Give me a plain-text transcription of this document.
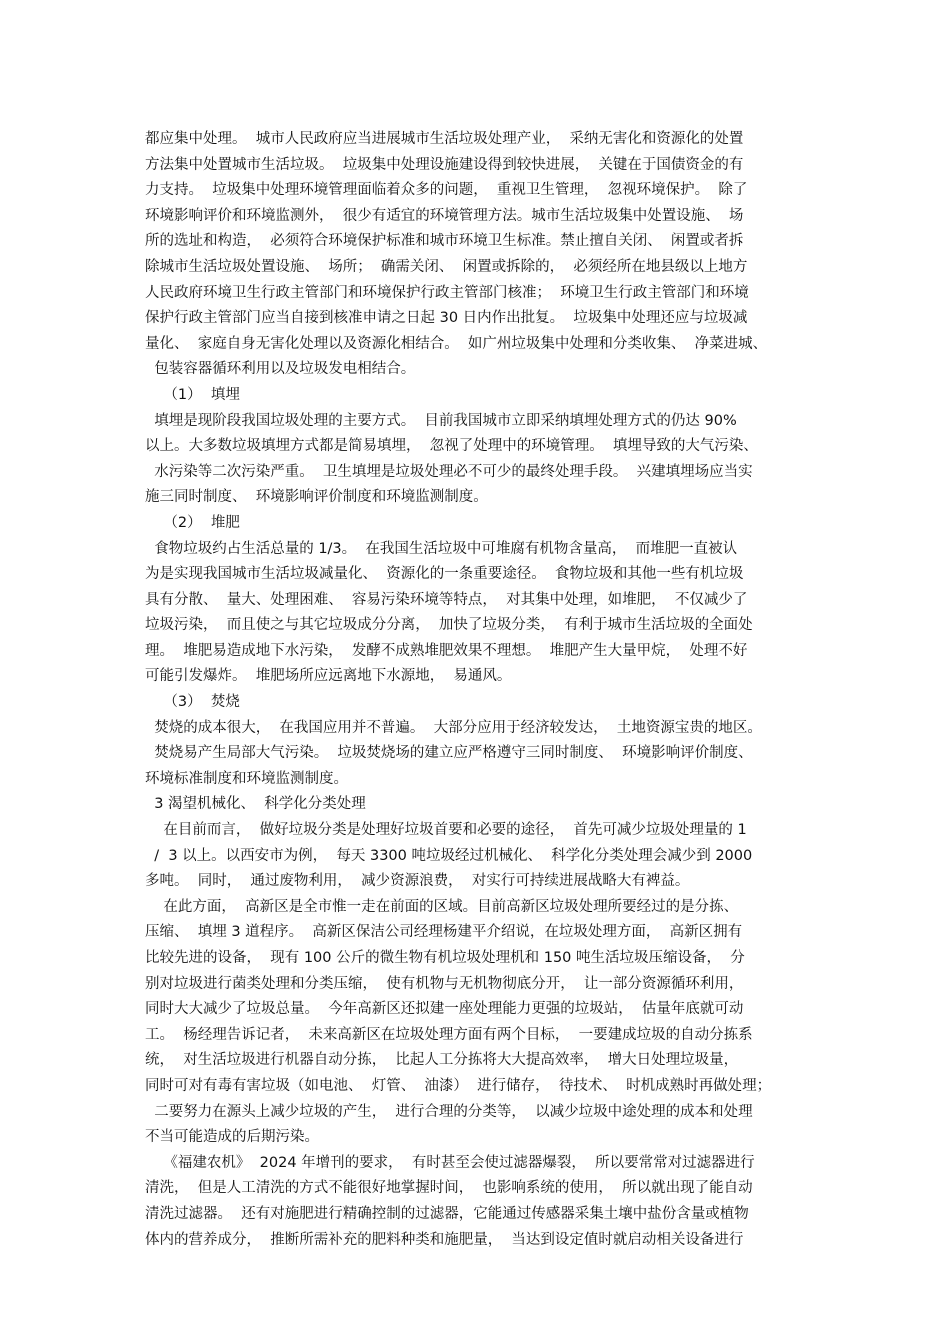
都应集中处理。  城市人民政府应当进展城市生活垃圾处理产业，  采纳无害化和资源化的处置
方法集中处置城市生活垃圾。  垃圾集中处理设施建设得到较快进展，  关键在于国债资金的有
力支持。  垃圾集中处理环境管理面临着众多的问题，  重视卫生管理，  忽视环境保护。  除了
环境影响评价和环境监测外，  很少有适宜的环境管理方法。城市生活垃圾集中处置设施、  场
所的选址和构造，  必须符合环境保护标准和城市环境卫生标准。禁止擅自关闭、  闲置或者拆
除城市生活垃圾处置设施、  场所；  确需关闭、  闲置或拆除的，  必须经所在地县级以上地方
人民政府环境卫生行政主管部门和环境保护行政主管部门核准；  环境卫生行政主管部门和环境
保护行政主管部门应当自接到核准申请之日起 30 日内作出批复。  垃圾集中处理还应与垃圾减
量化、  家庭自身无害化处理以及资源化相结合。  如广州垃圾集中处理和分类收集、  净菜进城、
包装容器循环利用以及垃圾发电相结合。
（1）  填埋
填埋是现阶段我国垃圾处理的主要方式。  目前我国城市立即采纳填埋处理方式的仍达 90%
以上。大多数垃圾填埋方式都是简易填埋，  忽视了处理中的环境管理。  填埋导致的大气污染、
水污染等二次污染严重。  卫生填埋是垃圾处理必不可少的最终处理手段。  兴建填埋场应当实
施三同时制度、  环境影响评价制度和环境监测制度。
（2）  堆肥
食物垃圾约占生活总量的 1/3。  在我国生活垃圾中可堆腐有机物含量高，  而堆肥一直被认
为是实现我国城市生活垃圾减量化、  资源化的一条重要途径。  食物垃圾和其他一些有机垃圾
具有分散、  量大、处理困难、  容易污染环境等特点，  对其集中处理，如堆肥，  不仅减少了
垃圾污染，  而且使之与其它垃圾成分分离，  加快了垃圾分类，  有利于城市生活垃圾的全面处
理。  堆肥易造成地下水污染，  发酵不成熟堆肥效果不理想。  堆肥产生大量甲烷，  处理不好
可能引发爆炸。  堆肥场所应远离地下水源地，  易通风。
（3）  焚烧
焚烧的成本很大，  在我国应用并不普遍。  大部分应用于经济较发达，  土地资源宝贵的地区。
焚烧易产生局部大气污染。  垃圾焚烧场的建立应严格遵守三同时制度、  环境影响评价制度、
环境标准制度和环境监测制度。
3 渴望机械化、  科学化分类处理
在目前而言，  做好垃圾分类是处理好垃圾首要和必要的途径，  首先可减少垃圾处理量的 1
/  3 以上。以西安市为例，  每天 3300 吨垃圾经过机械化、  科学化分类处理会减少到 2000
多吨。  同时，  通过废物利用，  减少资源浪费，  对实行可持续进展战略大有裨益。
在此方面，  高新区是全市惟一走在前面的区域。目前高新区垃圾处理所要经过的是分拣、
压缩、  填埋 3 道程序。  高新区保洁公司经理杨建平介绍说，在垃圾处理方面，  高新区拥有
比较先进的设备，  现有 100 公斤的微生物有机垃圾处理机和 150 吨生活垃圾压缩设备，  分
别对垃圾进行菌类处理和分类压缩，  使有机物与无机物彻底分开，  让一部分资源循环利用，
同时大大减少了垃圾总量。  今年高新区还拟建一座处理能力更强的垃圾站，  估量年底就可动
工。  杨经理告诉记者，  未来高新区在垃圾处理方面有两个目标，  一要建成垃圾的自动分拣系
统，  对生活垃圾进行机器自动分拣，  比起人工分拣将大大提高效率，  增大日处理垃圾量，
同时可对有毒有害垃圾（如电池、  灯管、  油漆）  进行储存，  待技术、  时机成熟时再做处理；
二要努力在源头上减少垃圾的产生，  进行合理的分类等，  以减少垃圾中途处理的成本和处理
不当可能造成的后期污染。
《福建农机》  2024 年增刊的要求，  有时甚至会使过滤器爆裂，  所以要常常对过滤器进行
清洗，  但是人工清洗的方式不能很好地掌握时间，  也影响系统的使用，  所以就出现了能自动
清洗过滤器。  还有对施肥进行精确控制的过滤器，它能通过传感器采集土壤中盐份含量或植物
体内的营养成分，  推断所需补充的肥料种类和施肥量，  当达到设定值时就启动相关设备进行
